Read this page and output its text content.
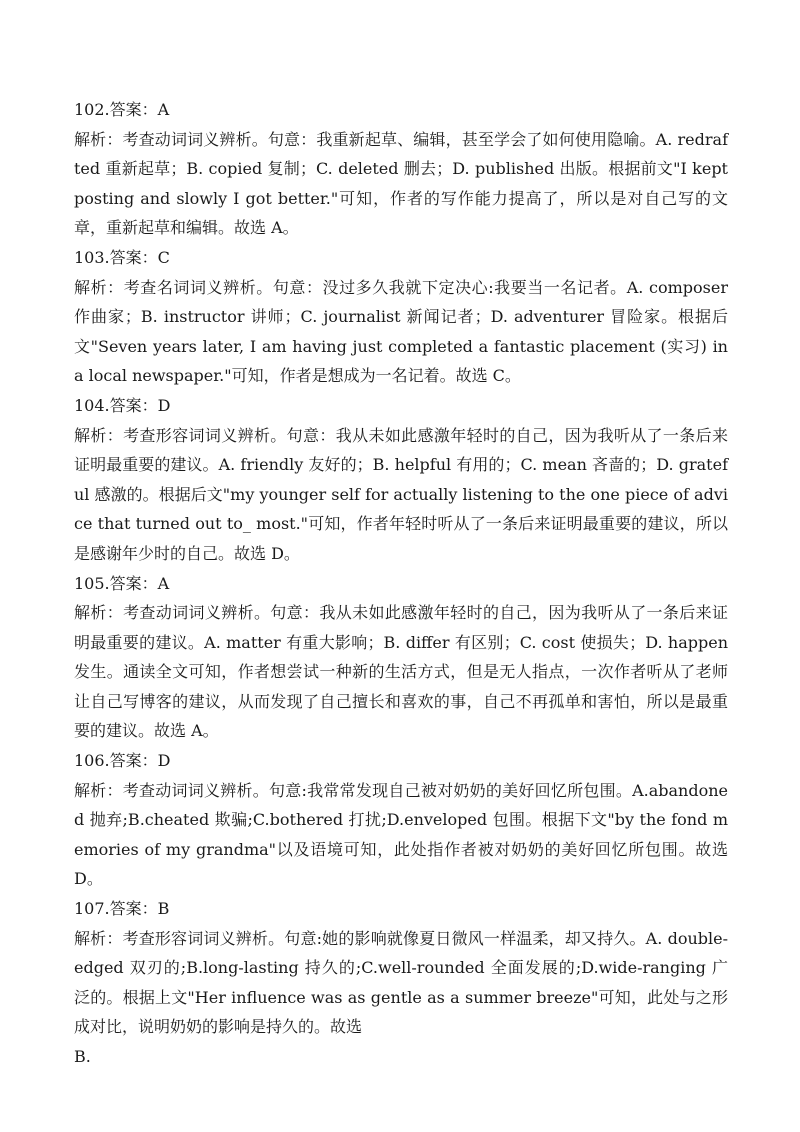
102.答案：A

解析：考查动词词义辨析。句意：我重新起草、编辑，甚至学会了如何使用隐喻。A. redrafted 重新起草；B. copied 复制；C. deleted 删去；D. published 出版。根据前文"I kept posting and slowly I got better."可知，作者的写作能力提高了，所以是对自己写的文章，重新起草和编辑。故选 A。

103.答案：C

解析：考查名词词义辨析。句意：没过多久我就下定决心:我要当一名记者。A. composer 作曲家；B. instructor 讲师；C. journalist 新闻记者；D. adventurer 冒险家。根据后文"Seven years later, I am having just completed a fantastic placement (实习) in a local newspaper."可知，作者是想成为一名记着。故选 C。

104.答案：D

解析：考查形容词词义辨析。句意：我从未如此感激年轻时的自己，因为我听从了一条后来证明最重要的建议。A. friendly 友好的；B. helpful 有用的；C. mean 吝啬的；D. grateful 感激的。根据后文"my younger self for actually listening to the one piece of advice that turned out to_ most."可知，作者年轻时听从了一条后来证明最重要的建议，所以是感谢年少时的自己。故选 D。

105.答案：A

解析：考查动词词义辨析。句意：我从未如此感激年轻时的自己，因为我听从了一条后来证明最重要的建议。A. matter 有重大影响；B. differ 有区别；C. cost 使损失；D. happen 发生。通读全文可知，作者想尝试一种新的生活方式，但是无人指点，一次作者听从了老师让自己写博客的建议，从而发现了自己擅长和喜欢的事，自己不再孤单和害怕，所以是最重要的建议。故选 A。

106.答案：D

解析：考查动词词义辨析。句意:我常常发现自己被对奶奶的美好回忆所包围。A.abandoned 抛弃;B.cheated 欺骗;C.bothered 打扰;D.enveloped 包围。根据下文"by the fond memories of my grandma"以及语境可知，此处指作者被对奶奶的美好回忆所包围。故选 D。

107.答案：B

解析：考查形容词词义辨析。句意:她的影响就像夏日微风一样温柔，却又持久。A. double-edged 双刃的;B.long-lasting 持久的;C.well-rounded 全面发展的;D.wide-ranging 广泛的。根据上文"Her influence was as gentle as a summer breeze"可知，此处与之形成对比，说明奶奶的影响是持久的。故选

B.
